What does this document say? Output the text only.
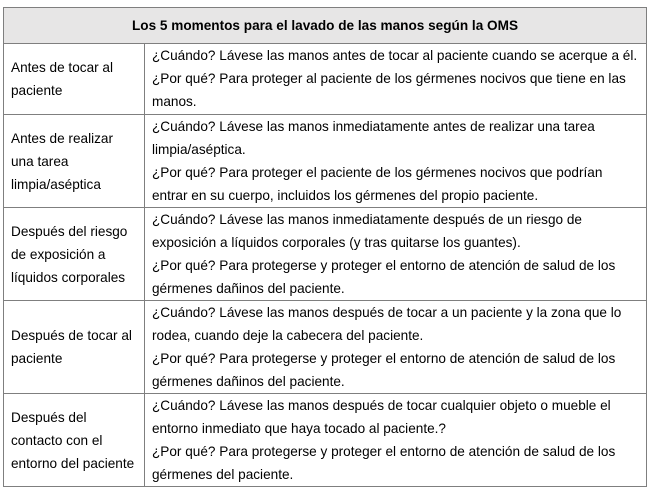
Los 5 momentos para el lavado de las manos según la OMS	
Antes de tocar al paciente	¿Cuándo? Lávese las manos antes de tocar al paciente cuando se acerque a él. ¿Por qué? Para proteger al paciente de los gérmenes nocivos que tiene en las manos.
Antes de realizar una tarea limpia/aséptica	¿Cuándo? Lávese las manos inmediatamente antes de realizar una tarea limpia/aséptica.

¿Por qué? Para proteger el paciente de los gérmenes nocivos que podrían entrar en su cuerpo, incluidos los gérmenes del propio paciente.

Después del riesgo de exposición a líquidos corporales	¿Cuándo? Lávese las manos inmediatamente después de un riesgo de exposición a líquidos corporales (y tras quitarse los guantes).

¿Por qué? Para protegerse y proteger el entorno de atención de salud de los gérmenes dañinos del paciente.

Después de tocar al paciente	¿Cuándo? Lávese las manos después de tocar a un paciente y la zona que lo rodea, cuando deje la cabecera del paciente.

¿Por qué? Para protegerse y proteger el entorno de atención de salud de los gérmenes dañinos del paciente.

Después del contacto con el entorno del paciente	¿Cuándo? Lávese las manos después de tocar cualquier objeto o mueble el entorno inmediato que haya tocado al paciente.?

¿Por qué? Para protegerse y proteger el entorno de atención de salud de los gérmenes del paciente.
